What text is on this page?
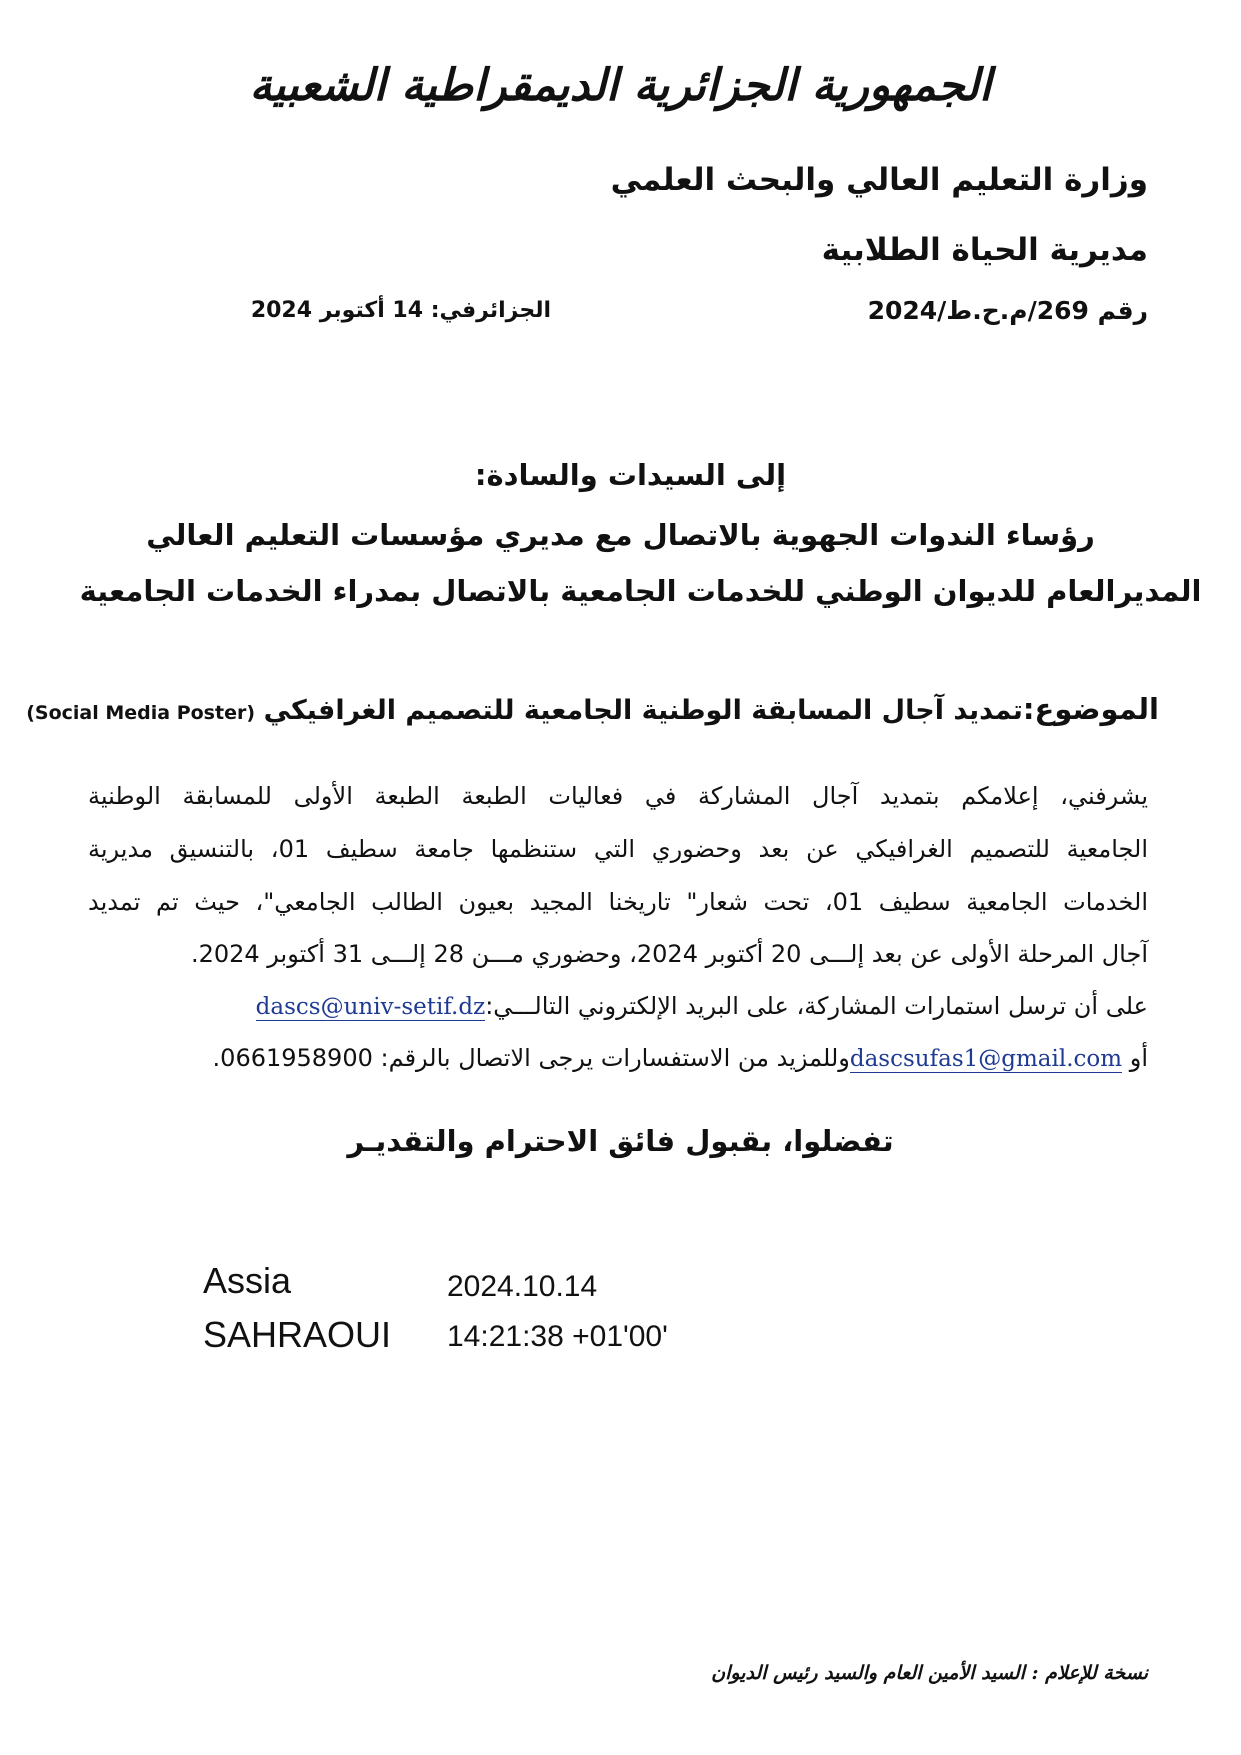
الجمهورية الجزائرية الديمقراطية الشعبية
وزارة التعليم العالي والبحث العلمي
مديرية الحياة الطلابية
رقم 269/م.ح.ط/2024
الجزائرفي: 14 أكتوبر 2024
إلى السيدات والسادة:
رؤساء الندوات الجهوية بالاتصال مع مديري مؤسسات التعليم العالي
المديرالعام للديوان الوطني للخدمات الجامعية بالاتصال بمدراء الخدمات الجامعية
الموضوع:تمديد آجال المسابقة الوطنية الجامعية للتصميم الغرافيكي (Social Media Poster)
يشرفني، إعلامكم بتمديد آجال المشاركة في فعاليات الطبعة الطبعة الأولى للمسابقة الوطنية
الجامعية للتصميم الغرافيكي عن بعد وحضوري التي ستنظمها جامعة سطيف 01، بالتنسيق مديرية
الخدمات الجامعية سطيف 01، تحت شعار" تاريخنا المجيد بعيون الطالب الجامعي"، حيث تم تمديد
آجال المرحلة الأولى عن بعد إلـــى 20 أكتوبر 2024، وحضوري مـــن 28 إلـــى 31 أكتوبر 2024.
على أن ترسل استمارات المشاركة، على البريد الإلكتروني التالـــي:dascs@univ-setif.dz
أو dascsufas1@gmail.comوللمزيد من الاستفسارات يرجى الاتصال بالرقم: 0661958900.
تفضلوا، بقبول فائق الاحترام والتقديـر
Assia
SAHRAOUI
2024.10.14
14:21:38 +01'00'
نسخة للإعلام : السيد الأمين العام والسيد رئيس الديوان
